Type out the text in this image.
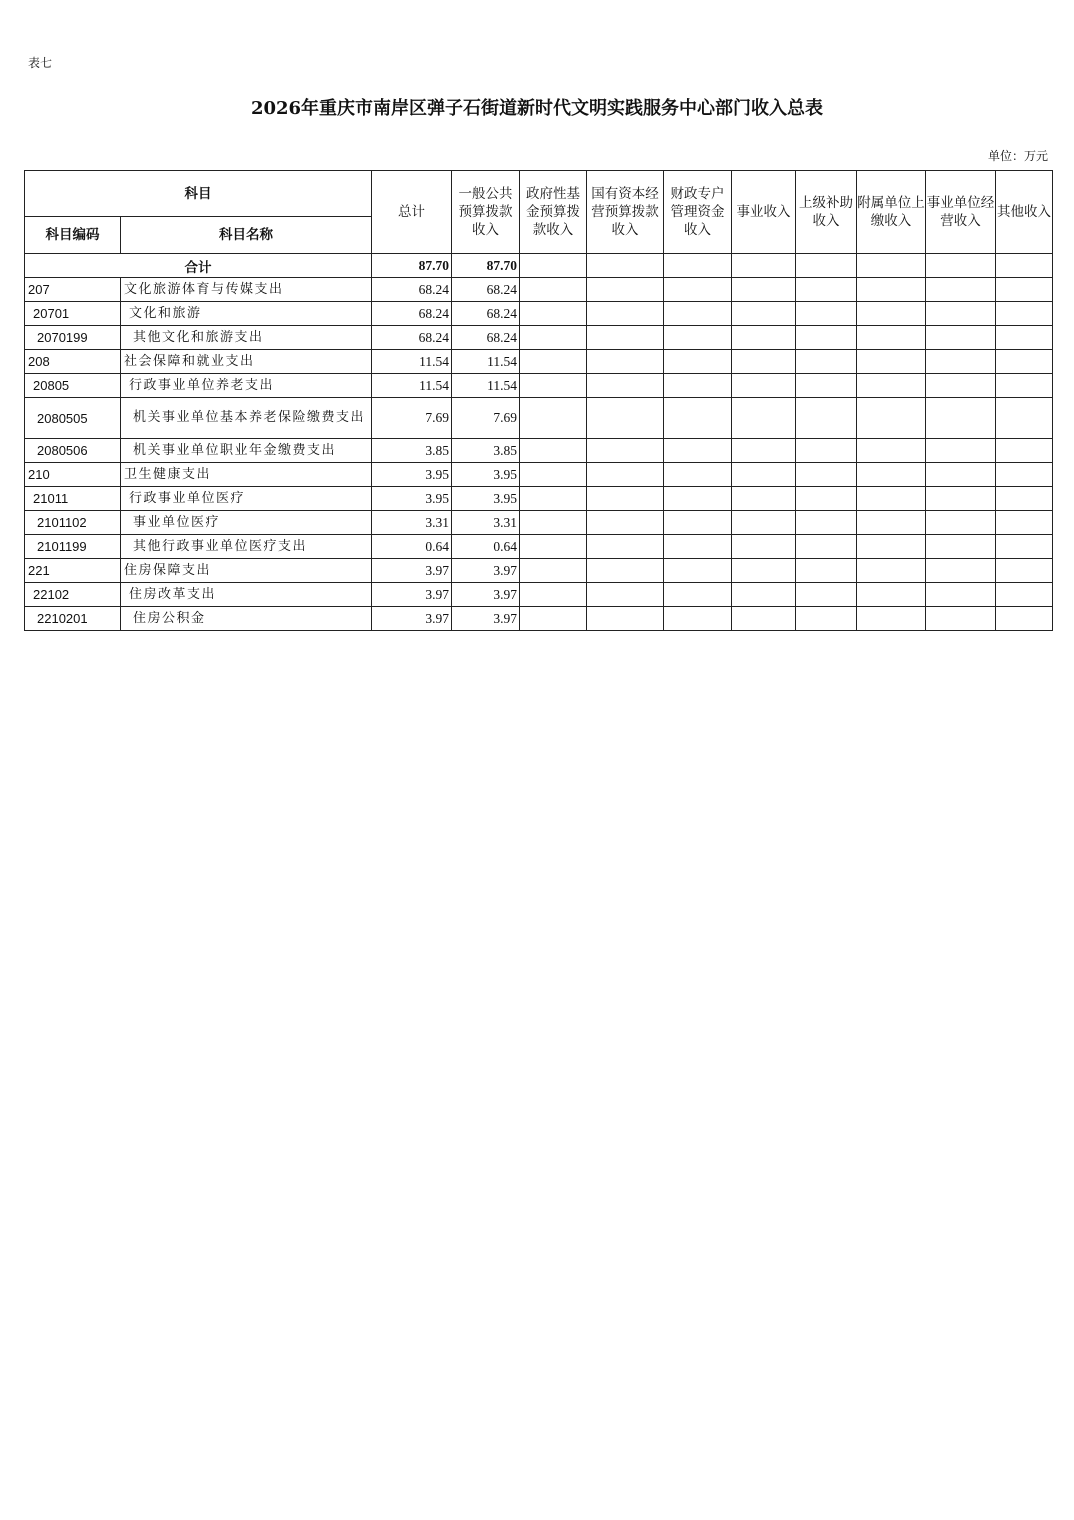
表七
2026年重庆市南岸区弹子石街道新时代文明实践服务中心部门收入总表
单位：万元
科目		总计	一般公共预算拨款收入	政府性基金预算拨款收入	国有资本经营预算拨款收入	财政专户管理资金收入	事业收入	上级补助收入	附属单位上缴收入	事业单位经营收入	其他收入
科目编码	科目名称										
合计		87.70	87.70								
207	文化旅游体育与传媒支出	68.24	68.24								
20701	文化和旅游	68.24	68.24								
2070199	其他文化和旅游支出	68.24	68.24								
208	社会保障和就业支出	11.54	11.54								
20805	行政事业单位养老支出	11.54	11.54								
2080505	机关事业单位基本养老保险缴费支出	7.69	7.69								
2080506	机关事业单位职业年金缴费支出	3.85	3.85								
210	卫生健康支出	3.95	3.95								
21011	行政事业单位医疗	3.95	3.95								
2101102	事业单位医疗	3.31	3.31								
2101199	其他行政事业单位医疗支出	0.64	0.64								
221	住房保障支出	3.97	3.97								
22102	住房改革支出	3.97	3.97								
2210201	住房公积金	3.97	3.97								
